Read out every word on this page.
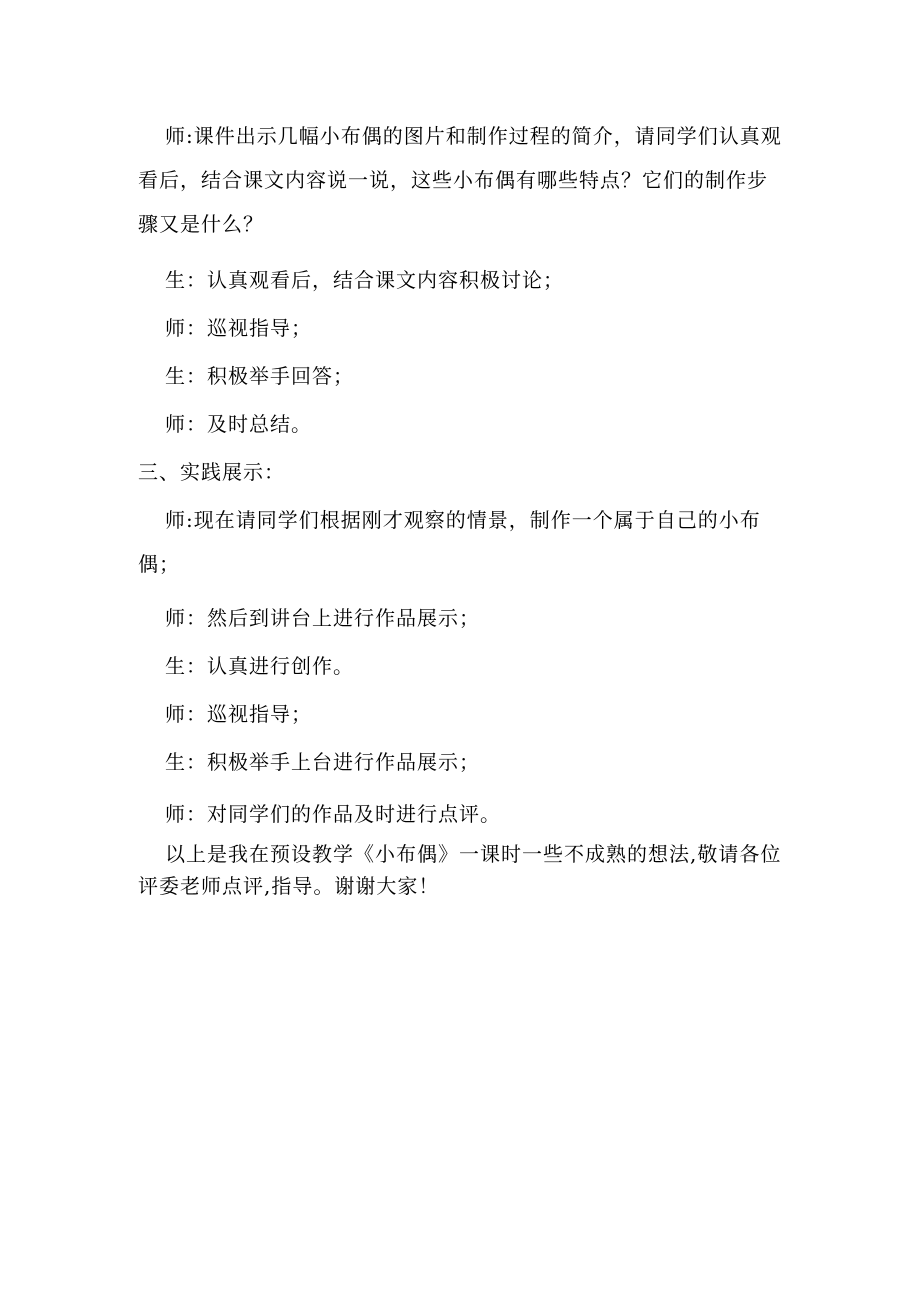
师:课件出示几幅小布偶的图片和制作过程的简介，请同学们认真观看后，结合课文内容说一说，这些小布偶有哪些特点？它们的制作步骤又是什么？

生：认真观看后，结合课文内容积极讨论；

师：巡视指导；

生：积极举手回答；

师：及时总结。

三、实践展示：

师:现在请同学们根据刚才观察的情景，制作一个属于自己的小布偶；

师：然后到讲台上进行作品展示；

生：认真进行创作。

师：巡视指导；

生：积极举手上台进行作品展示；

师：对同学们的作品及时进行点评。

以上是我在预设教学《小布偶》一课时一些不成熟的想法,敬请各位评委老师点评,指导。谢谢大家！
